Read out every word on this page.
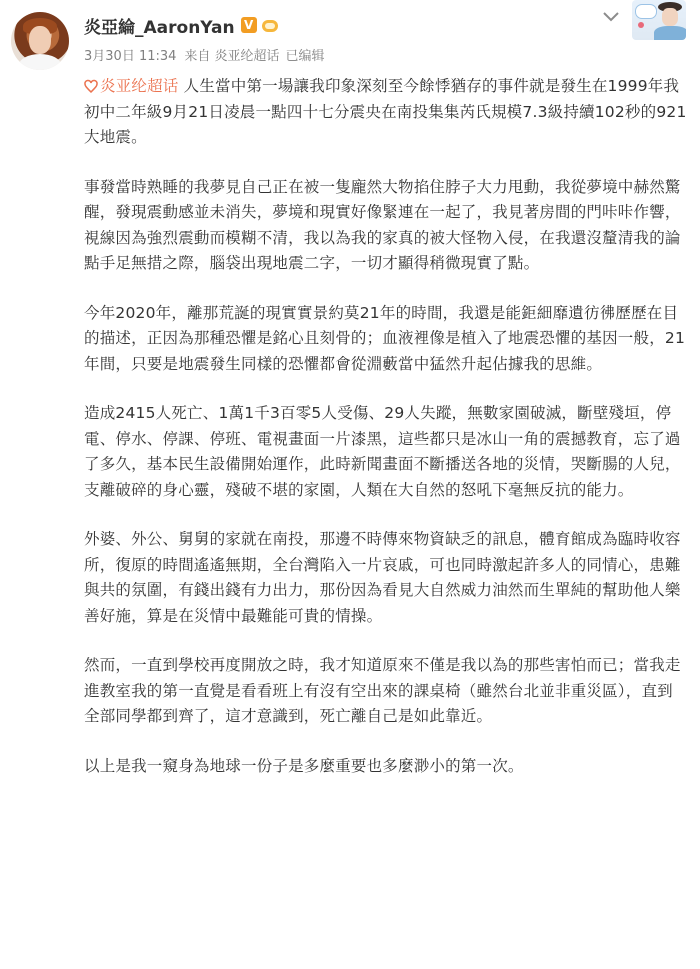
炎亞綸_AaronYan V
3月30日 11:34 来自 炎亚纶超话 已编辑

炎亚纶超话 人生當中第一場讓我印象深刻至今餘悸猶存的事件就是發生在1999年我初中二年級9月21日凌晨一點四十七分震央在南投集集芮氏規模7.3級持續102秒的921大地震。

事發當時熟睡的我夢見自己正在被一隻龐然大物掐住脖子大力甩動，我從夢境中赫然驚醒，發現震動感並未消失，夢境和現實好像緊連在一起了，我見著房間的門咔咔作響，視線因為強烈震動而模糊不清，我以為我的家真的被大怪物入侵，在我還沒釐清我的論點手足無措之際，腦袋出現地震二字，一切才顯得稍微現實了點。

今年2020年，離那荒誕的現實實景約莫21年的時間，我還是能鉅細靡遺彷彿歷歷在目的描述，正因為那種恐懼是銘心且刻骨的；血液裡像是植入了地震恐懼的基因一般，21年間，只要是地震發生同樣的恐懼都會從淵藪當中猛然升起佔據我的思維。

造成2415人死亡、1萬1千3百零5人受傷、29人失蹤，無數家園破滅，斷壁殘垣，停電、停水、停課、停班、電視畫面一片漆黑，這些都只是冰山一角的震撼教育，忘了過了多久，基本民生設備開始運作，此時新聞畫面不斷播送各地的災情，哭斷腸的人兒，支離破碎的身心靈，殘破不堪的家園，人類在大自然的怒吼下毫無反抗的能力。

外婆、外公、舅舅的家就在南投，那邊不時傳來物資缺乏的訊息，體育館成為臨時收容所，復原的時間遙遙無期，全台灣陷入一片哀戚，可也同時激起許多人的同情心，患難與共的氛圍，有錢出錢有力出力，那份因為看見大自然威力油然而生單純的幫助他人樂善好施，算是在災情中最難能可貴的情操。

然而，一直到學校再度開放之時，我才知道原來不僅是我以為的那些害怕而已；當我走進教室我的第一直覺是看看班上有沒有空出來的課桌椅（雖然台北並非重災區），直到全部同學都到齊了，這才意識到，死亡離自己是如此靠近。

以上是我一窺身為地球一份子是多麼重要也多麼渺小的第一次。
